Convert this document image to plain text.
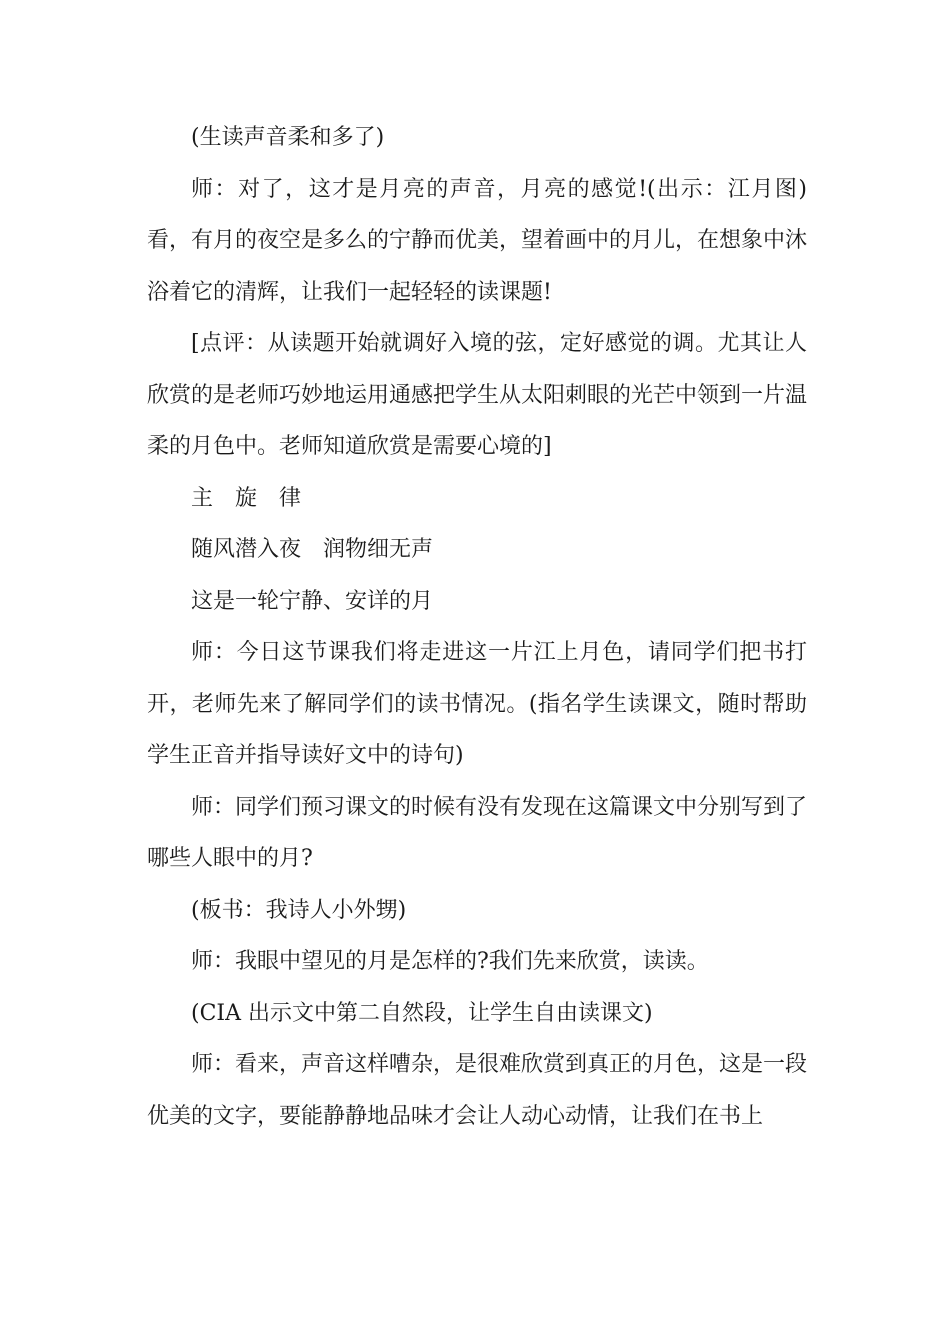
(生读声音柔和多了)

师：对了，这才是月亮的声音，月亮的感觉!(出示：江月图)看，有月的夜空是多么的宁静而优美，望着画中的月儿，在想象中沐浴着它的清辉，让我们一起轻轻的读课题!

[点评：从读题开始就调好入境的弦，定好感觉的调。尤其让人欣赏的是老师巧妙地运用通感把学生从太阳刺眼的光芒中领到一片温柔的月色中。老师知道欣赏是需要心境的]

主　旋　律

随风潜入夜　润物细无声

这是一轮宁静、安详的月

师：今日这节课我们将走进这一片江上月色，请同学们把书打开，老师先来了解同学们的读书情况。(指名学生读课文，随时帮助学生正音并指导读好文中的诗句)

师：同学们预习课文的时候有没有发现在这篇课文中分别写到了哪些人眼中的月?

(板书：我诗人小外甥)

师：我眼中望见的月是怎样的?我们先来欣赏，读读。

(CIA 出示文中第二自然段，让学生自由读课文)

师：看来，声音这样嘈杂，是很难欣赏到真正的月色，这是一段优美的文字，要能静静地品味才会让人动心动情，让我们在书上
